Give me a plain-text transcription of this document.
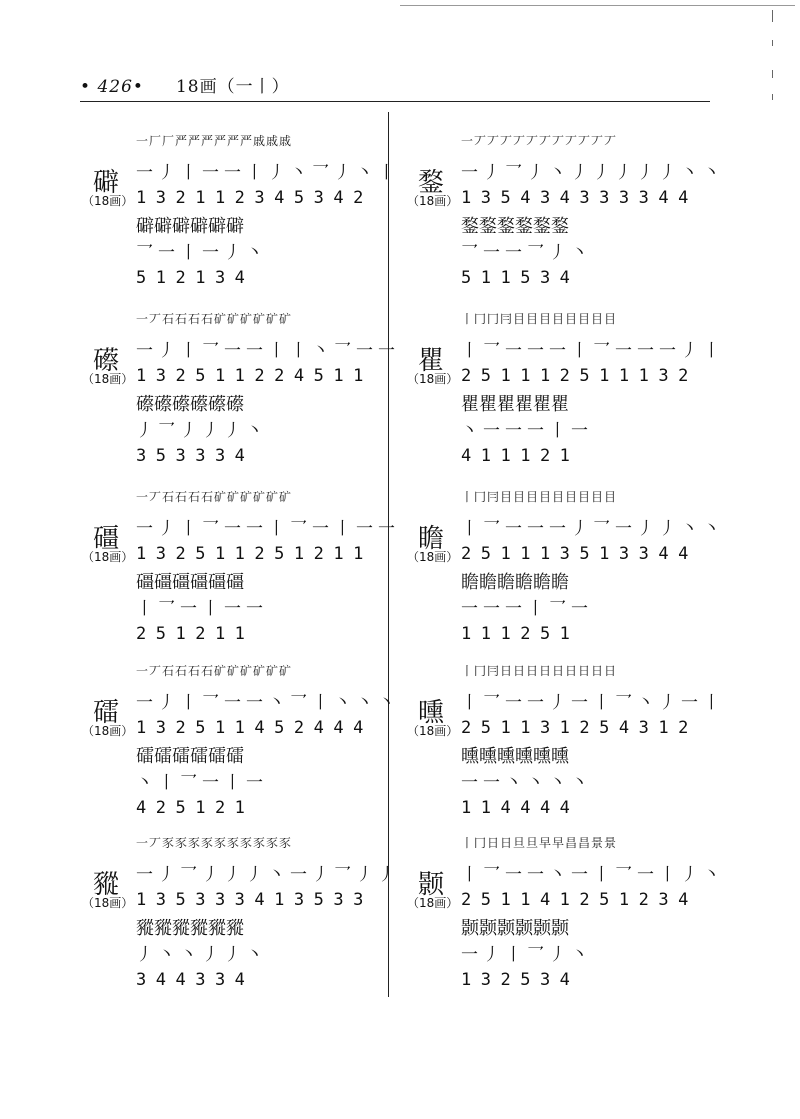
• 426• 18画（一丨）
礔
（18画）
一厂厂严严严严严严戚戚戚
一丿丨一一丨丿丶乛丿丶丨
132112345342
礔礔礔礔礔礔
乛一丨一丿丶
512134
礤
（18画）
一丆石石石石矿矿矿矿矿矿
一丿丨乛一一丨丨丶乛一一
132511224511
礤礤礤礤礤礤
丿乛丿丿丿丶
353334
礓
（18画）
一丆石石石石矿矿矿矿矿矿
一丿丨乛一一丨乛一丨一一
132511251211
礓礓礓礓礓礓
丨乛一丨一一
251211
礌
（18画）
一丆石石石石矿矿矿矿矿矿
一丿丨乛一一丶乛丨丶丶丶
132511452444
礌礌礌礌礌礌
丶丨乛一丨一
425121
豵
（18画）
一丆豕豕豕豕豕豕豕豕豕豕
一丿乛丿丿丿丶一丿乛丿丿
135333413533
豵豵豵豵豵豵
丿丶丶丿丿丶
344334
鍪
（18画）
一丆丆丆丆丆丆丆丆丆丆丆
一丿乛丿丶丿丿丿丿丿丶丶
135434333344
鍪鍪鍪鍪鍪鍪
乛一一乛丿丶
511534
瞿
（18画）
丨冂冂冃目目目目目目目目
丨乛一一一丨乛一一一丿丨
251112511132
瞿瞿瞿瞿瞿瞿
丶一一一丨一
411121
瞻
（18画）
丨冂冃目目目目目目目目目
丨乛一一一丿乛一丿丿丶丶
251113513344
瞻瞻瞻瞻瞻瞻
一一一丨乛一
111251
曛
（18画）
丨冂冃日日日日日日日日日
丨乛一一丿一丨乛丶丿一丨
251131254312
曛曛曛曛曛曛
一一丶丶丶丶
114444
颢
（18画）
丨冂日日旦旦早早昌昌景景
丨乛一一丶一丨乛一丨丿丶
251141251234
颢颢颢颢颢颢
一丿丨乛丿丶
132534
